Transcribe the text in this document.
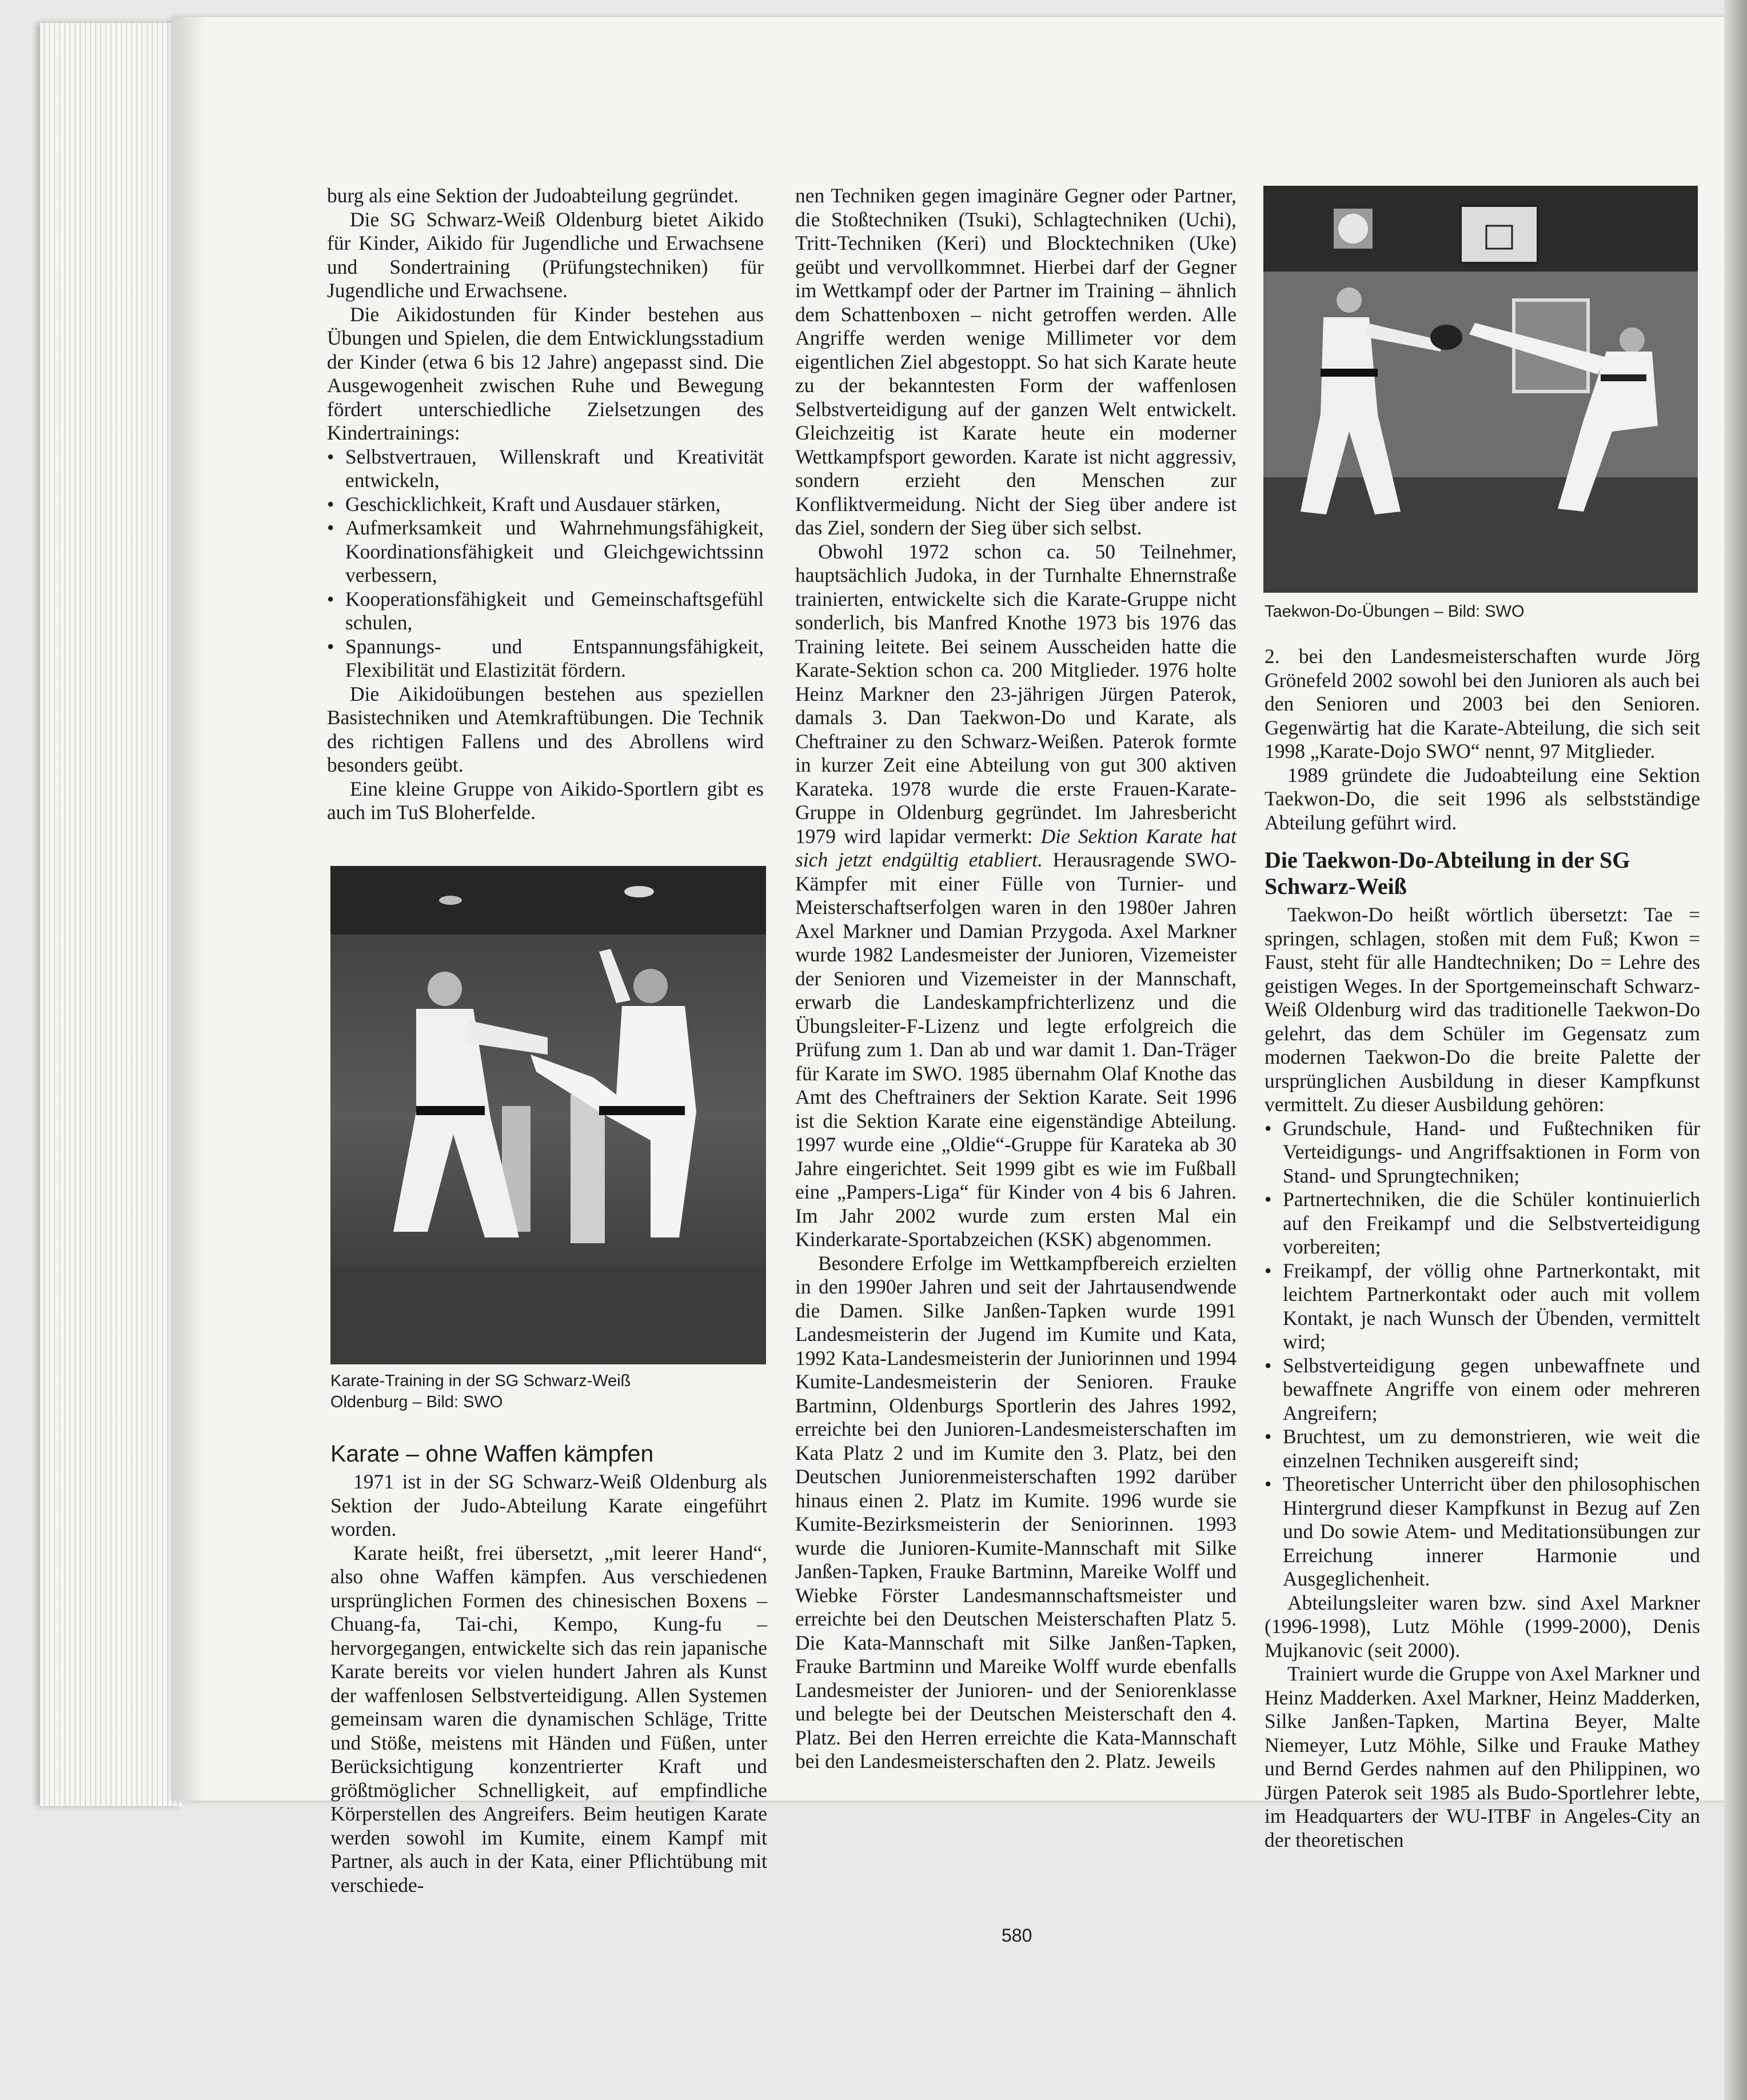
burg als eine Sektion der Judoabteilung gegründet.

Die SG Schwarz-Weiß Oldenburg bietet Aikido für Kinder, Aikido für Jugendliche und Erwachsene und Sondertraining (Prüfungstechniken) für Jugendliche und Erwachsene.

Die Aikidostunden für Kinder bestehen aus Übungen und Spielen, die dem Entwicklungsstadium der Kinder (etwa 6 bis 12 Jahre) angepasst sind. Die Ausgewogenheit zwischen Ruhe und Bewegung fördert unterschiedliche Zielsetzungen des Kindertrainings:

• Selbstvertrauen, Willenskraft und Kreativität entwickeln,
• Geschicklichkeit, Kraft und Ausdauer stärken,
• Aufmerksamkeit und Wahrnehmungsfähigkeit, Koordinationsfähigkeit und Gleichgewichtssinn verbessern,
• Kooperationsfähigkeit und Gemeinschaftsgefühl schulen,
• Spannungs- und Entspannungsfähigkeit, Flexibilität und Elastizität fördern.

Die Aikidoübungen bestehen aus speziellen Basistechniken und Atemkraftübungen. Die Technik des richtigen Fallens und des Abrollens wird besonders geübt.

Eine kleine Gruppe von Aikido-Sportlern gibt es auch im TuS Bloherfelde.

Karate-Training in der SG Schwarz-Weiß Oldenburg – Bild: SWO
Karate – ohne Waffen kämpfen

1971 ist in der SG Schwarz-Weiß Oldenburg als Sektion der Judo-Abteilung Karate eingeführt worden.

Karate heißt, frei übersetzt, „mit leerer Hand“, also ohne Waffen kämpfen. Aus verschiedenen ursprünglichen Formen des chinesischen Boxens – Chuang-fa, Tai-chi, Kempo, Kung-fu – hervorgegangen, entwickelte sich das rein japanische Karate bereits vor vielen hundert Jahren als Kunst der waffenlosen Selbstverteidigung. Allen Systemen gemeinsam waren die dynamischen Schläge, Tritte und Stöße, meistens mit Händen und Füßen, unter Berücksichtigung konzentrierter Kraft und größtmöglicher Schnelligkeit, auf empfindliche Körperstellen des Angreifers. Beim heutigen Karate werden sowohl im Kumite, einem Kampf mit Partner, als auch in der Kata, einer Pflichtübung mit verschiede-

nen Techniken gegen imaginäre Gegner oder Partner, die Stoßtechniken (Tsuki), Schlagtechniken (Uchi), Tritt-Techniken (Keri) und Blocktechniken (Uke) geübt und vervollkommnet. Hierbei darf der Gegner im Wettkampf oder der Partner im Training – ähnlich dem Schattenboxen – nicht getroffen werden. Alle Angriffe werden wenige Millimeter vor dem eigentlichen Ziel abgestoppt. So hat sich Karate heute zu der bekanntesten Form der waffenlosen Selbstverteidigung auf der ganzen Welt entwickelt. Gleichzeitig ist Karate heute ein moderner Wettkampfsport geworden. Karate ist nicht aggressiv, sondern erzieht den Menschen zur Konfliktvermeidung. Nicht der Sieg über andere ist das Ziel, sondern der Sieg über sich selbst.

Obwohl 1972 schon ca. 50 Teilnehmer, hauptsächlich Judoka, in der Turnhalte Ehnernstraße trainierten, entwickelte sich die Karate-Gruppe nicht sonderlich, bis Manfred Knothe 1973 bis 1976 das Training leitete. Bei seinem Ausscheiden hatte die Karate-Sektion schon ca. 200 Mitglieder. 1976 holte Heinz Markner den 23-jährigen Jürgen Paterok, damals 3. Dan Taekwon-Do und Karate, als Cheftrainer zu den Schwarz-Weißen. Paterok formte in kurzer Zeit eine Abteilung von gut 300 aktiven Karateka. 1978 wurde die erste Frauen-Karate-Gruppe in Oldenburg gegründet. Im Jahresbericht 1979 wird lapidar vermerkt: Die Sektion Karate hat sich jetzt endgültig etabliert. Herausragende SWO-Kämpfer mit einer Fülle von Turnier- und Meisterschaftserfolgen waren in den 1980er Jahren Axel Markner und Damian Przygoda. Axel Markner wurde 1982 Landesmeister der Junioren, Vizemeister der Senioren und Vizemeister in der Mannschaft, erwarb die Landeskampfrichterlizenz und die Übungsleiter-F-Lizenz und legte erfolgreich die Prüfung zum 1. Dan ab und war damit 1. Dan-Träger für Karate im SWO. 1985 übernahm Olaf Knothe das Amt des Cheftrainers der Sektion Karate. Seit 1996 ist die Sektion Karate eine eigenständige Abteilung. 1997 wurde eine „Oldie“-Gruppe für Karateka ab 30 Jahre eingerichtet. Seit 1999 gibt es wie im Fußball eine „Pampers-Liga“ für Kinder von 4 bis 6 Jahren. Im Jahr 2002 wurde zum ersten Mal ein Kinderkarate-Sportabzeichen (KSK) abgenommen.

Besondere Erfolge im Wettkampfbereich erzielten in den 1990er Jahren und seit der Jahrtausendwende die Damen. Silke Janßen-Tapken wurde 1991 Landesmeisterin der Jugend im Kumite und Kata, 1992 Kata-Landesmeisterin der Juniorinnen und 1994 Kumite-Landesmeisterin der Senioren. Frauke Bartminn, Oldenburgs Sportlerin des Jahres 1992, erreichte bei den Junioren-Landesmeisterschaften im Kata Platz 2 und im Kumite den 3. Platz, bei den Deutschen Juniorenmeisterschaften 1992 darüber hinaus einen 2. Platz im Kumite. 1996 wurde sie Kumite-Bezirksmeisterin der Seniorinnen. 1993 wurde die Junioren-Kumite-Mannschaft mit Silke Janßen-Tapken, Frauke Bartminn, Mareike Wolff und Wiebke Förster Landesmannschaftsmeister und erreichte bei den Deutschen Meisterschaften Platz 5. Die Kata-Mannschaft mit Silke Janßen-Tapken, Frauke Bartminn und Mareike Wolff wurde ebenfalls Landesmeister der Junioren- und der Seniorenklasse und belegte bei der Deutschen Meisterschaft den 4. Platz. Bei den Herren erreichte die Kata-Mannschaft bei den Landesmeisterschaften den 2. Platz. Jeweils

Taekwon-Do-Übungen – Bild: SWO

2. bei den Landesmeisterschaften wurde Jörg Grönefeld 2002 sowohl bei den Junioren als auch bei den Senioren und 2003 bei den Senioren. Gegenwärtig hat die Karate-Abteilung, die sich seit 1998 „Karate-Dojo SWO“ nennt, 97 Mitglieder.

1989 gründete die Judoabteilung eine Sektion Taekwon-Do, die seit 1996 als selbstständige Abteilung geführt wird.

Die Taekwon-Do-Abteilung in der SG Schwarz-Weiß

Taekwon-Do heißt wörtlich übersetzt: Tae = springen, schlagen, stoßen mit dem Fuß; Kwon = Faust, steht für alle Handtechniken; Do = Lehre des geistigen Weges. In der Sportgemeinschaft Schwarz-Weiß Oldenburg wird das traditionelle Taekwon-Do gelehrt, das dem Schüler im Gegensatz zum modernen Taekwon-Do die breite Palette der ursprünglichen Ausbildung in dieser Kampfkunst vermittelt. Zu dieser Ausbildung gehören:

• Grundschule, Hand- und Fußtechniken für Verteidigungs- und Angriffsaktionen in Form von Stand- und Sprungtechniken;
• Partnertechniken, die die Schüler kontinuierlich auf den Freikampf und die Selbstverteidigung vorbereiten;
• Freikampf, der völlig ohne Partnerkontakt, mit leichtem Partnerkontakt oder auch mit vollem Kontakt, je nach Wunsch der Übenden, vermittelt wird;
• Selbstverteidigung gegen unbewaffnete und bewaffnete Angriffe von einem oder mehreren Angreifern;
• Bruchtest, um zu demonstrieren, wie weit die einzelnen Techniken ausgereift sind;
• Theoretischer Unterricht über den philosophischen Hintergrund dieser Kampfkunst in Bezug auf Zen und Do sowie Atem- und Meditationsübungen zur Erreichung innerer Harmonie und Ausgeglichenheit.

Abteilungsleiter waren bzw. sind Axel Markner (1996-1998), Lutz Möhle (1999-2000), Denis Mujkanovic (seit 2000).

Trainiert wurde die Gruppe von Axel Markner und Heinz Madderken. Axel Markner, Heinz Madderken, Silke Janßen-Tapken, Martina Beyer, Malte Niemeyer, Lutz Möhle, Silke und Frauke Mathey und Bernd Gerdes nahmen auf den Philippinen, wo Jürgen Paterok seit 1985 als Budo-Sportlehrer lebte, im Headquarters der WU-ITBF in Angeles-City an der theoretischen

580
